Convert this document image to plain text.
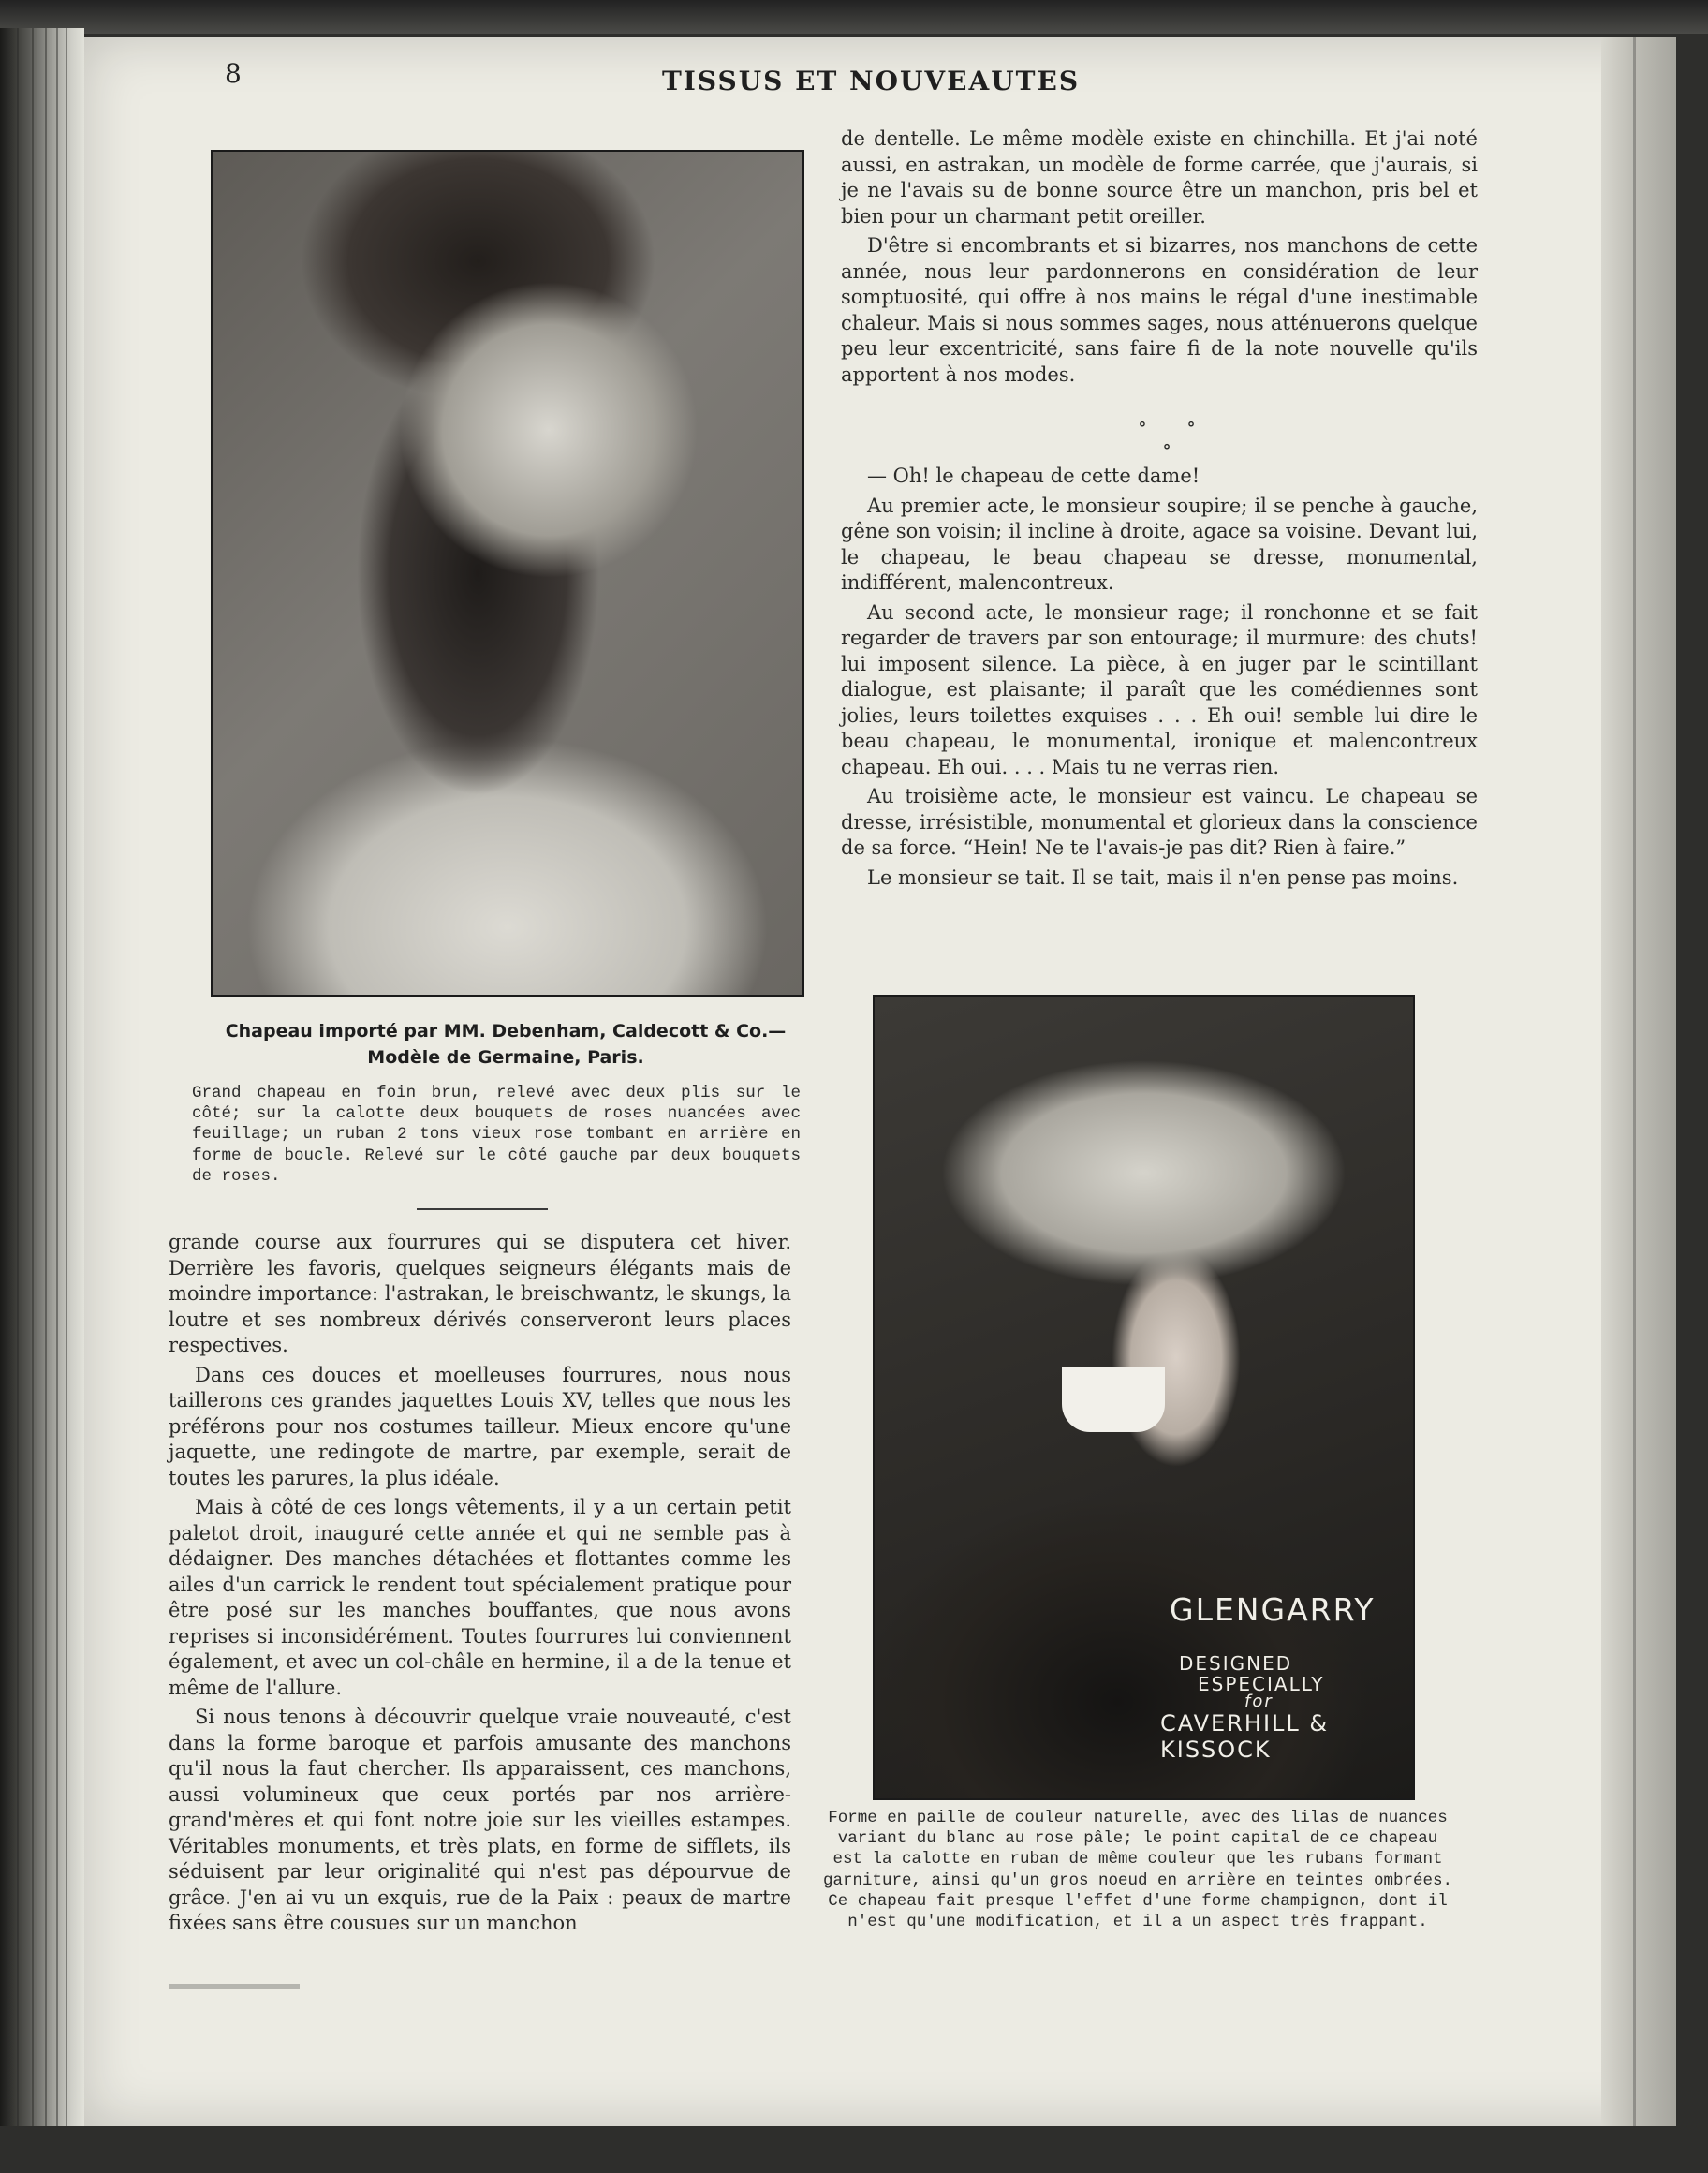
8	TISSUS ET NOUVEAUTES
Chapeau importé par MM. Debenham, Caldecott & Co.—
Modèle de Germaine, Paris.
Grand chapeau en foin brun, relevé avec deux plis sur le côté; sur la calotte deux bouquets de roses nuancées avec feuillage; un ruban 2 tons vieux rose tombant en arrière en forme de boucle. Relevé sur le côté gauche par deux bouquets de roses.

grande course aux fourrures qui se disputera cet hiver. Derrière les favoris, quelques seigneurs élégants mais de moindre importance: l'astrakan, le breischwantz, le skungs, la loutre et ses nombreux dérivés conserveront leurs places respectives.

Dans ces douces et moelleuses fourrures, nous nous taillerons ces grandes jaquettes Louis XV, telles que nous les préférons pour nos costumes tailleur. Mieux encore qu'une jaquette, une redingote de martre, par exemple, serait de toutes les parures, la plus idéale.

Mais à côté de ces longs vêtements, il y a un certain petit paletot droit, inauguré cette année et qui ne semble pas à dédaigner. Des manches détachées et flottantes comme les ailes d'un carrick le rendent tout spécialement pratique pour être posé sur les manches bouffantes, que nous avons reprises si inconsidérément. Toutes fourrures lui conviennent également, et avec un col-châle en hermine, il a de la tenue et même de l'allure.

Si nous tenons à découvrir quelque vraie nouveauté, c'est dans la forme baroque et parfois amusante des manchons qu'il nous la faut chercher. Ils apparaissent, ces manchons, aussi volumineux que ceux portés par nos arrière-grand'mères et qui font notre joie sur les vieilles estampes. Véritables monuments, et très plats, en forme de sifflets, ils séduisent par leur originalité qui n'est pas dépourvue de grâce. J'en ai vu un exquis, rue de la Paix : peaux de martre fixées sans être cousues sur un manchon

de dentelle. Le même modèle existe en chinchilla. Et j'ai noté aussi, en astrakan, un modèle de forme carrée, que j'aurais, si je ne l'avais su de bonne source être un manchon, pris bel et bien pour un charmant petit oreiller.

D'être si encombrants et si bizarres, nos manchons de cette année, nous leur pardonnerons en considération de leur somptuosité, qui offre à nos mains le régal d'une inestimable chaleur. Mais si nous sommes sages, nous atténuerons quelque peu leur excentricité, sans faire fi de la note nouvelle qu'ils apportent à nos modes.

∘ ∘ ∘

— Oh! le chapeau de cette dame!

Au premier acte, le monsieur soupire; il se penche à gauche, gêne son voisin; il incline à droite, agace sa voisine. Devant lui, le chapeau, le beau chapeau se dresse, monumental, indifférent, malencontreux.

Au second acte, le monsieur rage; il ronchonne et se fait regarder de travers par son entourage; il murmure: des chuts! lui imposent silence. La pièce, à en juger par le scintillant dialogue, est plaisante; il paraît que les comédiennes sont jolies, leurs toilettes exquises . . . Eh oui! semble lui dire le beau chapeau, le monumental, ironique et malencontreux chapeau. Eh oui. . . . Mais tu ne verras rien.

Au troisième acte, le monsieur est vaincu. Le chapeau se dresse, irrésistible, monumental et glorieux dans la conscience de sa force. “Hein! Ne te l'avais-je pas dit? Rien à faire.”

Le monsieur se tait. Il se tait, mais il n'en pense pas moins.

GLENGARRY
DESIGNED
ESPECIALLY
for
CAVERHILL & KISSOCK
Forme en paille de couleur naturelle, avec des lilas de nuances variant du blanc au rose pâle; le point capital de ce chapeau est la calotte en ruban de même couleur que les rubans formant garniture, ainsi qu'un gros noeud en arrière en teintes ombrées. Ce chapeau fait presque l'effet d'une forme champignon, dont il n'est qu'une modification, et il a un aspect très frappant.
